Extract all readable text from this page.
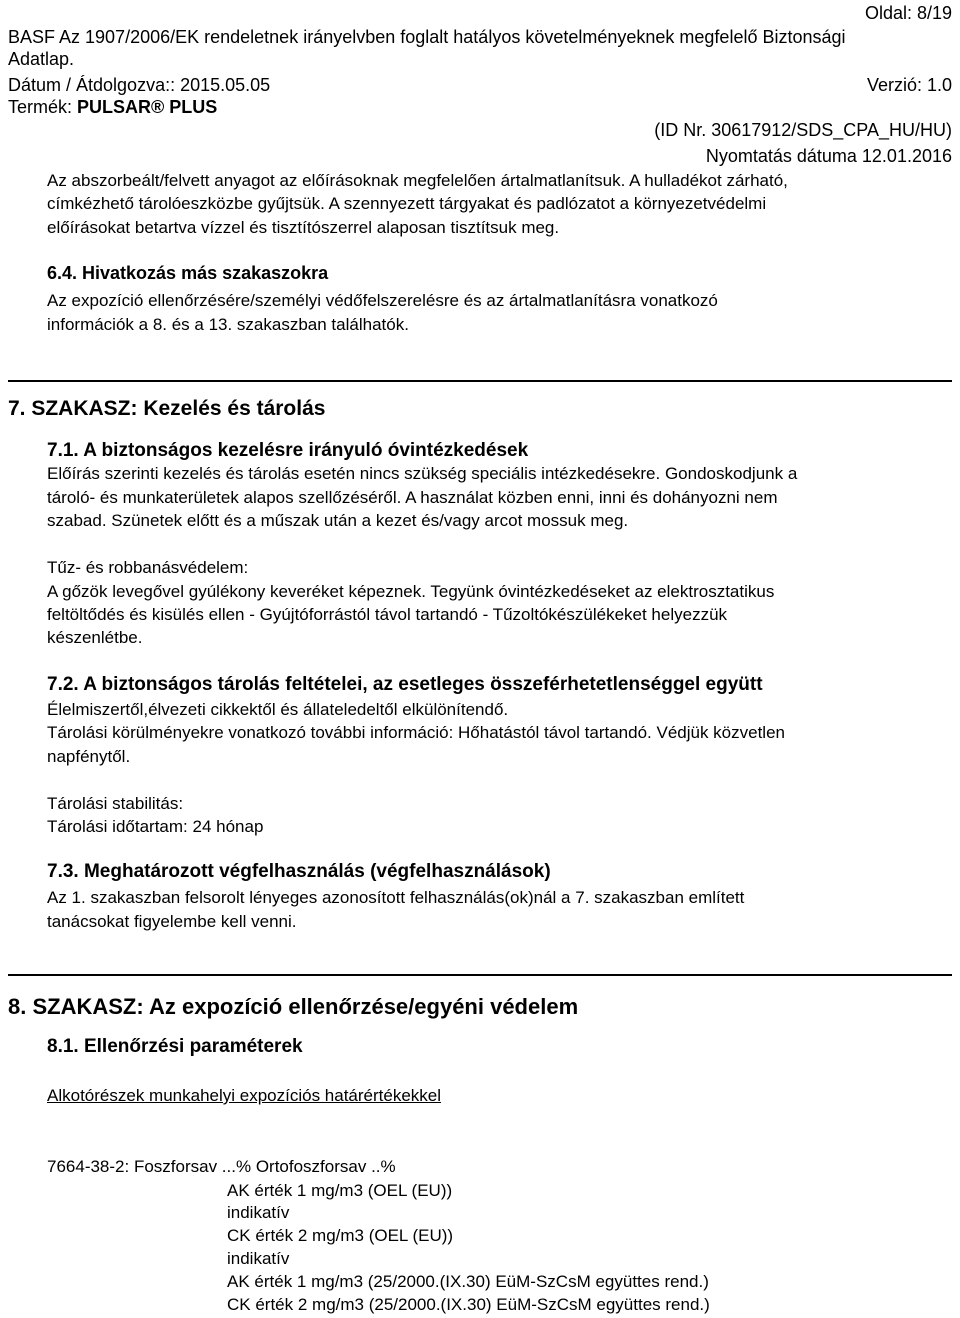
Oldal: 8/19
BASF Az 1907/2006/EK rendeletnek irányelvben foglalt hatályos követelményeknek megfelelő Biztonsági
Adatlap.
Dátum / Átdolgozva:: 2015.05.05	Verzió: 1.0
Termék: PULSAR® PLUS
(ID Nr. 30617912/SDS_CPA_HU/HU)
Nyomtatás dátuma 12.01.2016
Az abszorbeált/felvett anyagot az előírásoknak megfelelően ártalmatlanítsuk. A hulladékot zárható,
címkézhető tárolóeszközbe gyűjtsük. A szennyezett tárgyakat és padlózatot a környezetvédelmi
előírásokat betartva vízzel és tisztítószerrel alaposan tisztítsuk meg.
6.4. Hivatkozás más szakaszokra
Az expozíció ellenőrzésére/személyi védőfelszerelésre és az ártalmatlanításra vonatkozó
információk a 8. és a 13. szakaszban találhatók.
7. SZAKASZ: Kezelés és tárolás
7.1. A biztonságos kezelésre irányuló óvintézkedések
Előírás szerinti kezelés és tárolás esetén nincs szükség speciális intézkedésekre. Gondoskodjunk a
tároló- és munkaterületek alapos szellőzéséről. A használat közben enni, inni és dohányozni nem
szabad. Szünetek előtt és a műszak után a kezet és/vagy arcot mossuk meg.
Tűz- és robbanásvédelem:
A gőzök levegővel gyúlékony keveréket képeznek. Tegyünk óvintézkedéseket az elektrosztatikus
feltöltődés és kisülés ellen - Gyújtóforrástól távol tartandó - Tűzoltókészülékeket helyezzük
készenlétbe.
7.2. A biztonságos tárolás feltételei, az esetleges összeférhetetlenséggel együtt
Élelmiszertől,élvezeti cikkektől és állateledeltől elkülönítendő.
Tárolási körülményekre vonatkozó további információ: Hőhatástól távol tartandó. Védjük közvetlen
napfénytől.
Tárolási stabilitás:
Tárolási időtartam: 24 hónap
7.3. Meghatározott végfelhasználás (végfelhasználások)
Az 1. szakaszban felsorolt lényeges azonosított felhasználás(ok)nál a 7. szakaszban említett
tanácsokat figyelembe kell venni.
8. SZAKASZ: Az expozíció ellenőrzése/egyéni védelem
8.1. Ellenőrzési paraméterek
Alkotórészek munkahelyi expozíciós határértékekkel
7664-38-2: Foszforsav ...% Ortofoszforsav ..%
AK érték 1 mg/m3 (OEL (EU))
indikatív
CK érték 2 mg/m3 (OEL (EU))
indikatív
AK érték 1 mg/m3 (25/2000.(IX.30) EüM-SzCsM együttes rend.)
CK érték 2 mg/m3 (25/2000.(IX.30) EüM-SzCsM együttes rend.)
